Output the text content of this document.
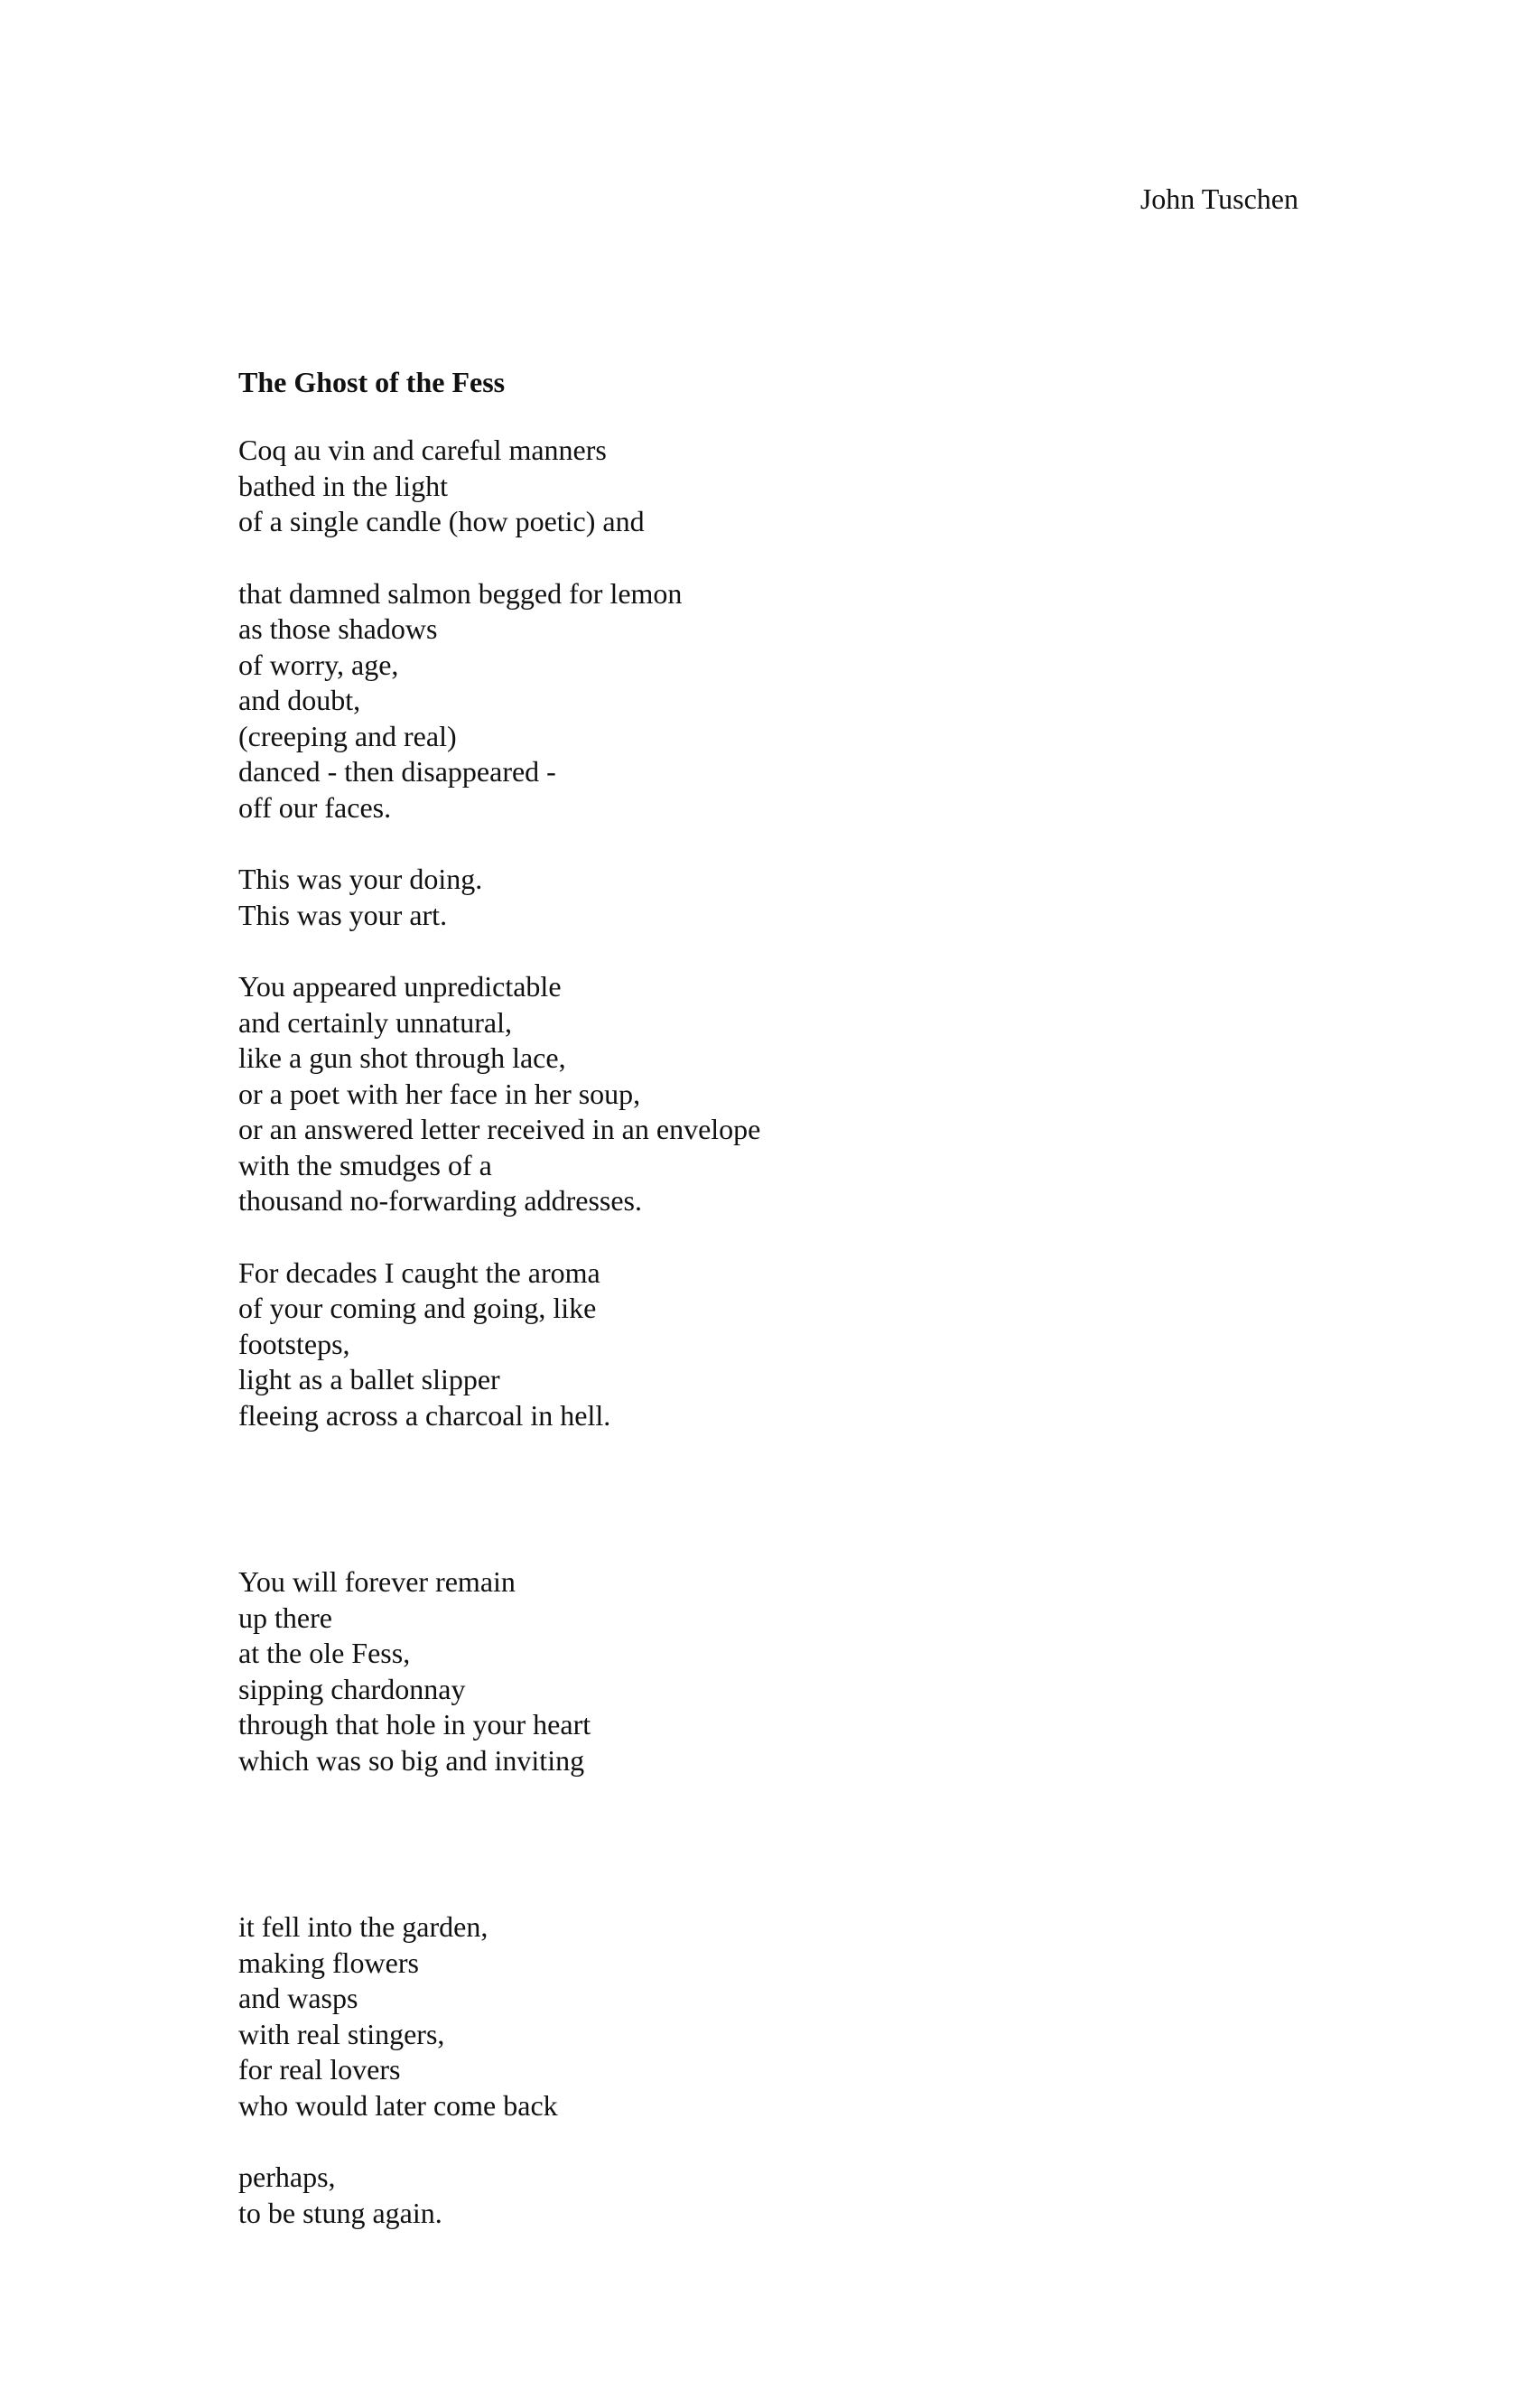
John Tuschen
The Ghost of the Fess
Coq au vin and careful manners
bathed in the light
of a single candle (how poetic) and
that damned salmon begged for lemon
as those shadows
of worry, age,
and doubt,
(creeping and real)
danced - then disappeared -
off our faces.
This was your doing.
This was your art.
You appeared unpredictable
and certainly unnatural,
like a gun shot through lace,
or a poet with her face in her soup,
or an answered letter received in an envelope
with the smudges of a
thousand no-forwarding addresses.
For decades I caught the aroma
of your coming and going, like
footsteps,
light as a ballet slipper
fleeing across a charcoal in hell.
You will forever remain
up there
at the ole Fess,
sipping chardonnay
through that hole in your heart
which was so big and inviting
it fell into the garden,
making flowers
and wasps
with real stingers,
for real lovers
who would later come back
perhaps,
to be stung again.
